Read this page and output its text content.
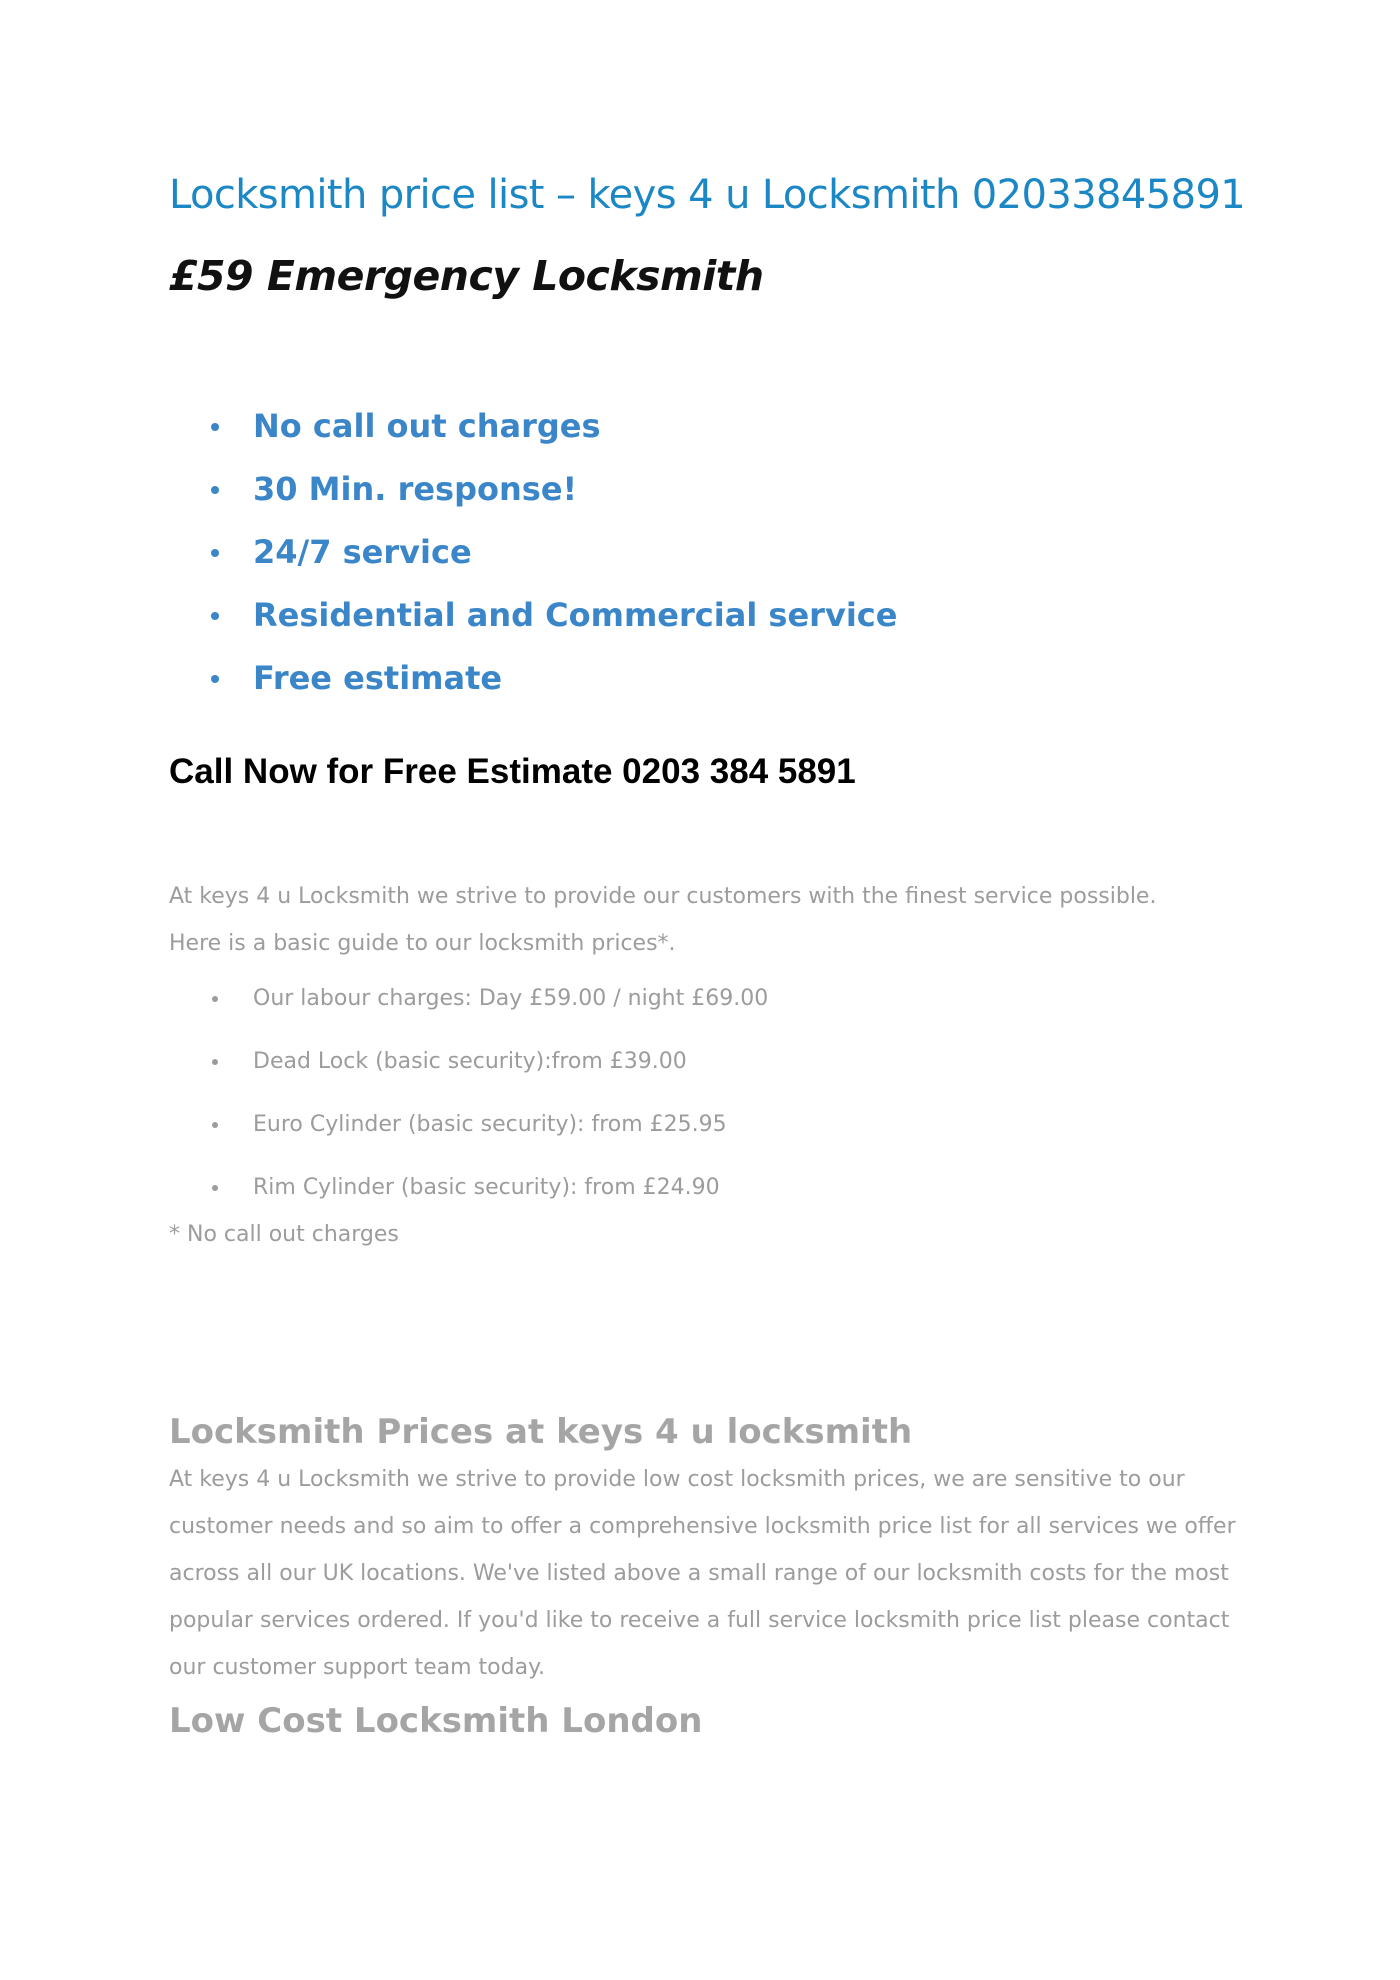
Locksmith price list – keys 4 u Locksmith 02033845891
£59 Emergency Locksmith
No call out charges
30 Min. response!
24/7 service
Residential and Commercial service
Free estimate

Call Now for Free Estimate 0203 384 5891

At keys 4 u Locksmith we strive to provide our customers with the finest service possible.

Here is a basic guide to our locksmith prices*.

Our labour charges: Day £59.00 / night £69.00
Dead Lock (basic security):from £39.00
Euro Cylinder (basic security): from £25.95
Rim Cylinder (basic security): from £24.90

* No call out charges

Locksmith Prices at keys 4 u locksmith

At keys 4 u Locksmith we strive to provide low cost locksmith prices, we are sensitive to our customer needs and so aim to offer a comprehensive locksmith price list for all services we offer across all our UK locations. We've listed above a small range of our locksmith costs for the most popular services ordered. If you'd like to receive a full service locksmith price list please contact our customer support team today.

Low Cost Locksmith London
